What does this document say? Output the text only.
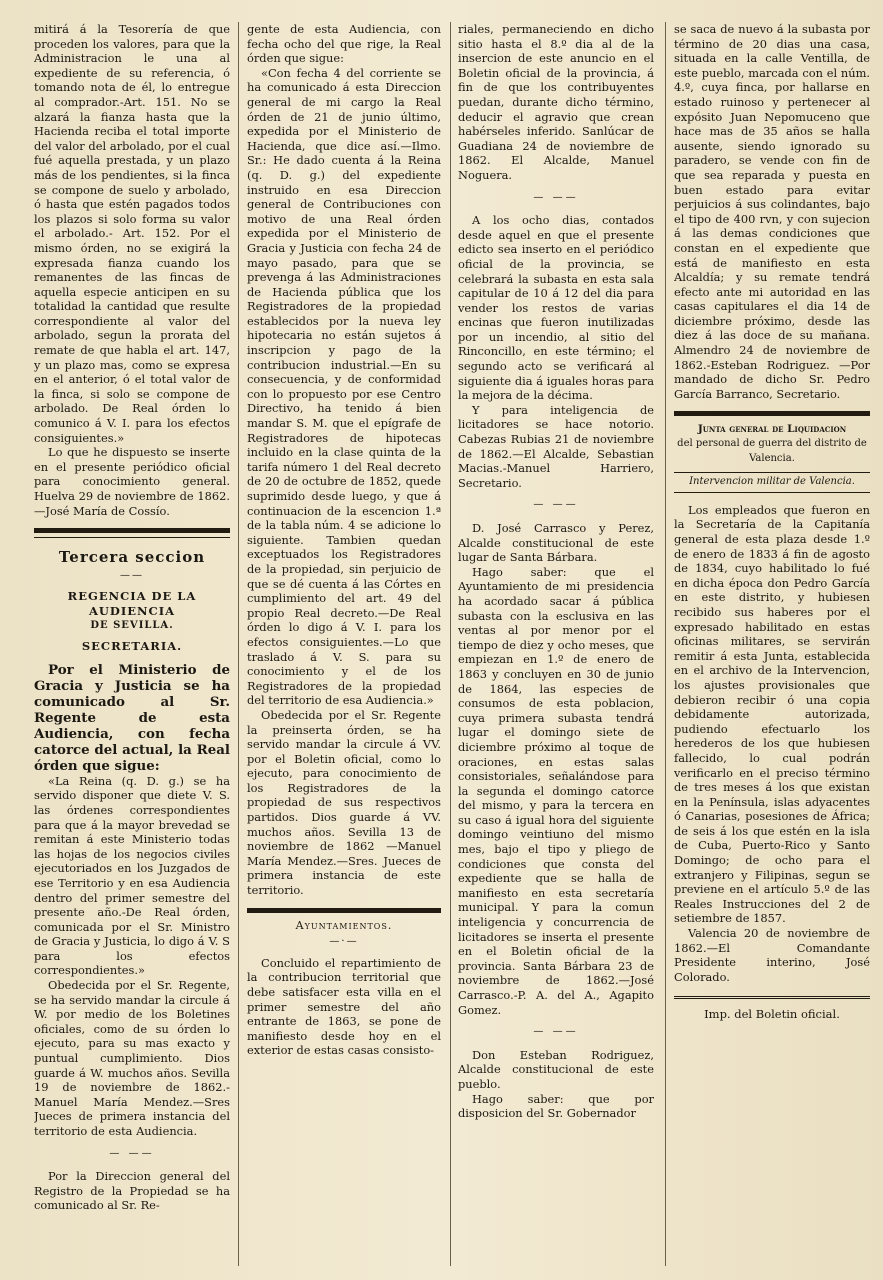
mitirá á la Tesorería de que proceden los valores, para que la Administracion le una al expediente de su referencia, ó tomando nota de él, lo entregue al comprador.-Art. 151. No se alzará la fianza hasta que la Hacienda reciba el total importe del valor del arbolado, por el cual fué aquella prestada, y un plazo más de los pendientes, si la finca se compone de suelo y arbolado, ó hasta que estén pagados todos los plazos si solo forma su valor el arbolado.- Art. 152. Por el mismo órden, no se exigirá la expresada fianza cuando los remanentes de las fincas de aquella especie anticipen en su totalidad la cantidad que resulte correspondiente al valor del arbolado, segun la prorata del remate de que habla el art. 147, y un plazo mas, como se expresa en el anterior, ó el total valor de la finca, si solo se compone de arbolado. De Real órden lo comunico á V. I. para los efectos consiguientes.»

Lo que he dispuesto se inserte en el presente periódico oficial para conocimiento general. Huelva 29 de noviembre de 1862.—José María de Cossío.

Tercera seccion
——
REGENCIA DE LA AUDIENCIA
DE SEVILLA.
SECRETARIA.

Por el Ministerio de Gracia y Justicia se ha comunicado al Sr. Regente de esta Audiencia, con fecha catorce del actual, la Real órden que sigue:

«La Reina (q. D. g.) se ha servido disponer que diete V. S. las órdenes correspondientes para que á la mayor brevedad se remitan á este Ministerio todas las hojas de los negocios civiles ejecutoriados en los Juzgados de ese Territorio y en esa Audiencia dentro del primer semestre del presente año.-De Real órden, comunicada por el Sr. Ministro de Gracia y Justicia, lo digo á V. S para los efectos correspondientes.»

Obedecida por el Sr. Regente, se ha servido mandar la circule á W. por medio de los Boletines oficiales, como de su órden lo ejecuto, para su mas exacto y puntual cumplimiento. Dios guarde á W. muchos años. Sevilla 19 de noviembre de 1862.-Manuel María Mendez.—Sres Jueces de primera instancia del territorio de esta Audiencia.

— ——

Por la Direccion general del Registro de la Propiedad se ha comunicado al Sr. Re-

gente de esta Audiencia, con fecha ocho del que rige, la Real órden que sigue:

«Con fecha 4 del corriente se ha comunicado á esta Direccion general de mi cargo la Real órden de 21 de junio último, expedida por el Ministerio de Hacienda, que dice así.—Ilmo. Sr.: He dado cuenta á la Reina (q. D. g.) del expediente instruido en esa Direccion general de Contribuciones con motivo de una Real órden expedida por el Ministerio de Gracia y Justicia con fecha 24 de mayo pasado, para que se prevenga á las Administraciones de Hacienda pública que los Registradores de la propiedad establecidos por la nueva ley hipotecaria no están sujetos á inscripcion y pago de la contribucion industrial.—En su consecuencia, y de conformidad con lo propuesto por ese Centro Directivo, ha tenido á bien mandar S. M. que el epígrafe de Registradores de hipotecas incluido en la clase quinta de la tarifa número 1 del Real decreto de 20 de octubre de 1852, quede suprimido desde luego, y que á continuacion de la escencion 1.ª de la tabla núm. 4 se adicione lo siguiente. Tambien quedan exceptuados los Registradores de la propiedad, sin perjuicio de que se dé cuenta á las Córtes en cumplimiento del art. 49 del propio Real decreto.—De Real órden lo digo á V. I. para los efectos consiguientes.—Lo que traslado á V. S. para su conocimiento y el de los Registradores de la propiedad del territorio de esa Audiencia.»

Obedecida por el Sr. Regente la preinserta órden, se ha servido mandar la circule á VV. por el Boletin oficial, como lo ejecuto, para conocimiento de los Registradores de la propiedad de sus respectivos partidos. Dios guarde á VV. muchos años. Sevilla 13 de noviembre de 1862 —Manuel María Mendez.—Sres. Jueces de primera instancia de este territorio.

Ayuntamientos.
—·—

Concluido el repartimiento de la contribucion territorial que debe satisfacer esta villa en el primer semestre del año entrante de 1863, se pone de manifiesto desde hoy en el exterior de estas casas consisto-

riales, permaneciendo en dicho sitio hasta el 8.º dia al de la insercion de este anuncio en el Boletin oficial de la provincia, á fin de que los contribuyentes puedan, durante dicho término, deducir el agravio que crean habérseles inferido. Sanlúcar de Guadiana 24 de noviembre de 1862. El Alcalde, Manuel Noguera.

— ——

A los ocho dias, contados desde aquel en que el presente edicto sea inserto en el periódico oficial de la provincia, se celebrará la subasta en esta sala capitular de 10 á 12 del dia para vender los restos de varias encinas que fueron inutilizadas por un incendio, al sitio del Rinconcillo, en este término; el segundo acto se verificará al siguiente dia á iguales horas para la mejora de la décima.

Y para inteligencia de licitadores se hace notorio. Cabezas Rubias 21 de noviembre de 1862.—El Alcalde, Sebastian Macias.-Manuel Harriero, Secretario.

— ——

D. José Carrasco y Perez, Alcalde constitucional de este lugar de Santa Bárbara.

Hago saber: que el Ayuntamiento de mi presidencia ha acordado sacar á pública subasta con la esclusiva en las ventas al por menor por el tiempo de diez y ocho meses, que empiezan en 1.º de enero de 1863 y concluyen en 30 de junio de 1864, las especies de consumos de esta poblacion, cuya primera subasta tendrá lugar el domingo siete de diciembre próximo al toque de oraciones, en estas salas consistoriales, señalándose para la segunda el domingo catorce del mismo, y para la tercera en su caso á igual hora del siguiente domingo veintiuno del mismo mes, bajo el tipo y pliego de condiciones que consta del expediente que se halla de manifiesto en esta secretaría municipal. Y para la comun inteligencia y concurrencia de licitadores se inserta el presente en el Boletin oficial de la provincia. Santa Bárbara 23 de noviembre de 1862.—José Carrasco.-P. A. del A., Agapito Gomez.

— ——

Don Esteban Rodriguez, Alcalde constitucional de este pueblo.

Hago saber: que por disposicion del Sr. Gobernador

se saca de nuevo á la subasta por término de 20 dias una casa, situada en la calle Ventilla, de este pueblo, marcada con el núm. 4.º, cuya finca, por hallarse en estado ruinoso y pertenecer al expósito Juan Nepomuceno que hace mas de 35 años se halla ausente, siendo ignorado su paradero, se vende con fin de que sea reparada y puesta en buen estado para evitar perjuicios á sus colindantes, bajo el tipo de 400 rvn, y con sujecion á las demas condiciones que constan en el expediente que está de manifiesto en esta Alcaldía; y su remate tendrá efecto ante mi autoridad en las casas capitulares el dia 14 de diciembre próximo, desde las diez á las doce de su mañana. Almendro 24 de noviembre de 1862.-Esteban Rodriguez. —Por mandado de dicho Sr. Pedro García Barranco, Secretario.

Junta general de Liquidacion
del personal de guerra del distrito de Valencia.
Intervencion militar de Valencia.

Los empleados que fueron en la Secretaría de la Capitanía general de esta plaza desde 1.º de enero de 1833 á fin de agosto de 1834, cuyo habilitado lo fué en dicha época don Pedro García en este distrito, y hubiesen recibido sus haberes por el expresado habilitado en estas oficinas militares, se servirán remitir á esta Junta, establecida en el archivo de la Intervencion, los ajustes provisionales que debieron recibir ó una copia debidamente autorizada, pudiendo efectuarlo los herederos de los que hubiesen fallecido, lo cual podrán verificarlo en el preciso término de tres meses á los que existan en la Península, islas adyacentes ó Canarias, posesiones de África; de seis á los que estén en la isla de Cuba, Puerto-Rico y Santo Domingo; de ocho para el extranjero y Filipinas, segun se previene en el artículo 5.º de las Reales Instrucciones del 2 de setiembre de 1857.

Valencia 20 de noviembre de 1862.—El Comandante Presidente interino, José Colorado.

Imp. del Boletin oficial.
